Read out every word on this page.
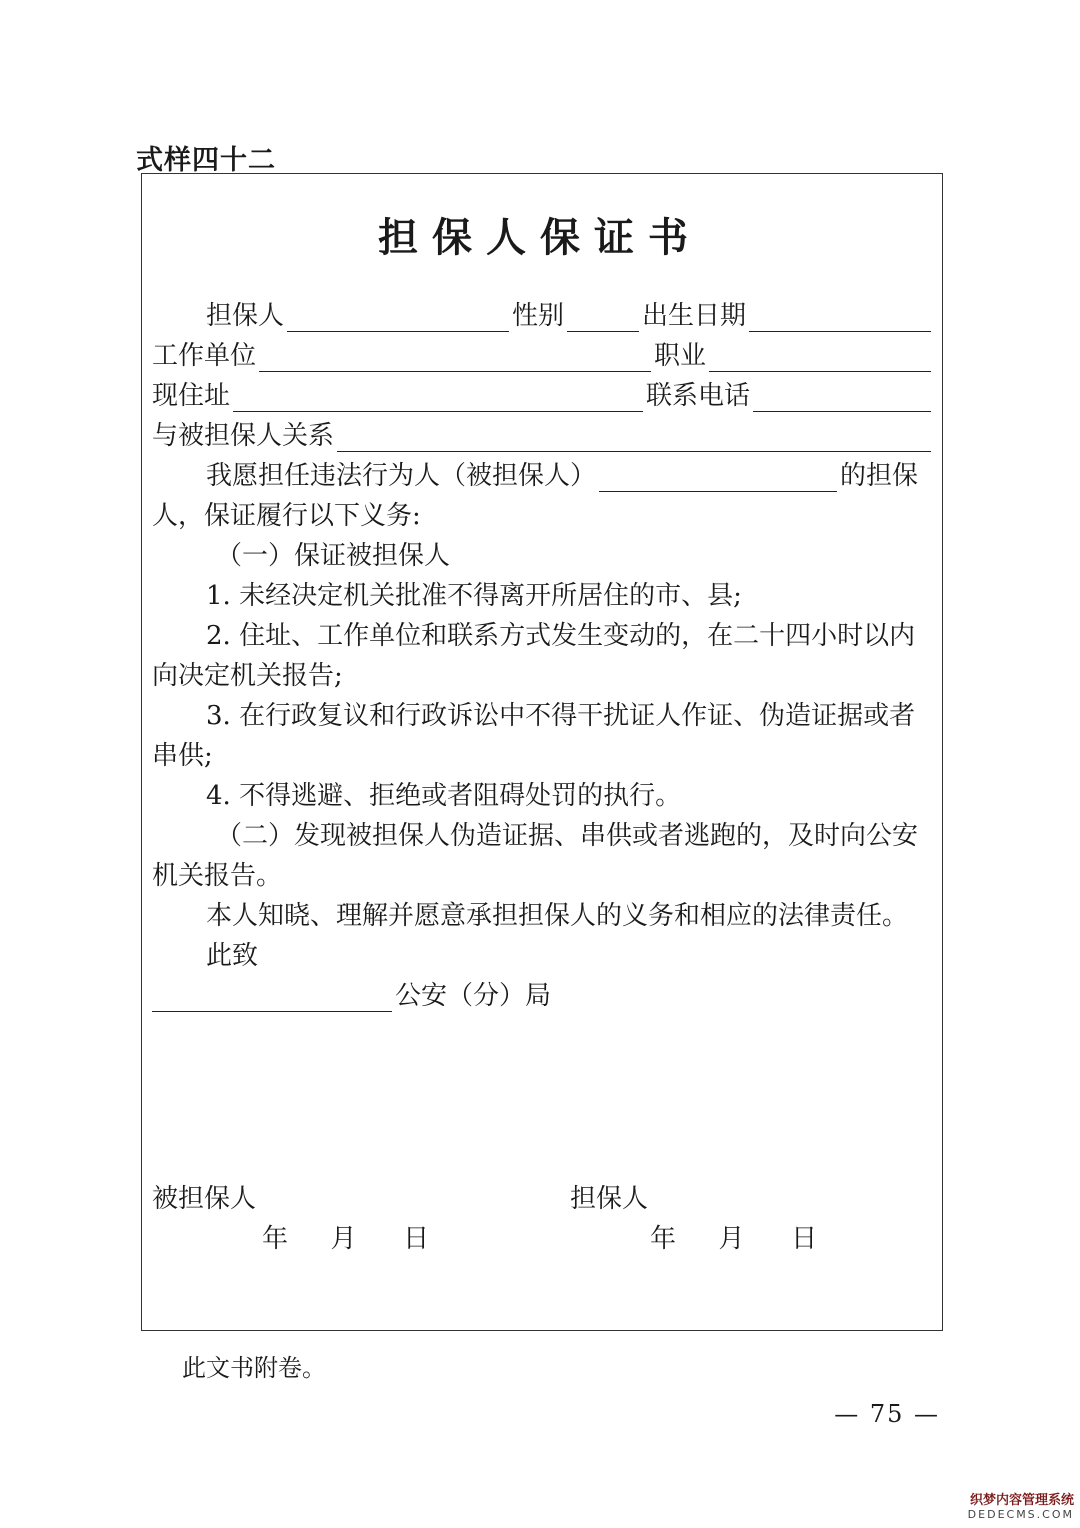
式样四十二
担保人保证书
担保人	性别	出生日期
工作单位	职业
现住址	联系电话
与被担保人关系
我愿担任违法行为人（被担保人）	的担保
人，保证履行以下义务:
（一）保证被担保人
1. 未经决定机关批准不得离开所居住的市、县;
2. 住址、工作单位和联系方式发生变动的，在二十四小时以内
向决定机关报告;
3. 在行政复议和行政诉讼中不得干扰证人作证、伪造证据或者
串供;
4. 不得逃避、拒绝或者阻碍处罚的执行。
（二）发现被担保人伪造证据、串供或者逃跑的，及时向公安
机关报告。
本人知晓、理解并愿意承担担保人的义务和相应的法律责任。
此致
公安（分）局
被担保人	担保人
年 月 日	年 月 日
此文书附卷。
— 75 —
织梦内容管理系统
DEDECMS.COM
